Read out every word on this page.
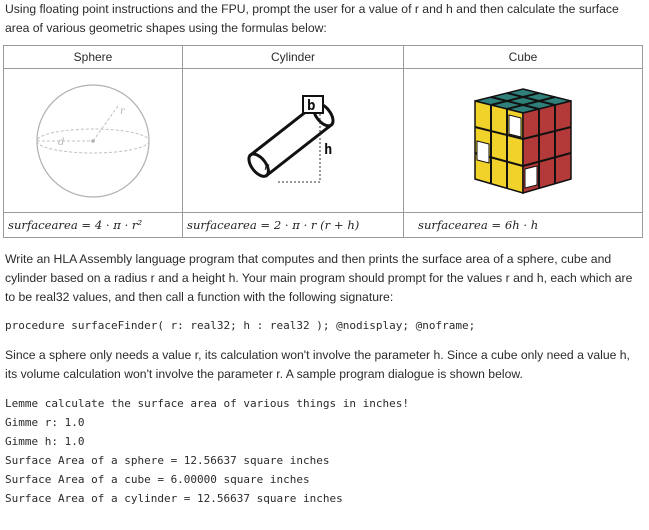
Using floating point instructions and the FPU, prompt the user for a value of r and h and then calculate the surface area of various geometric shapes using the formulas below:

Sphere	Cylinder	Cube

r
d	b
h
r

surfacearea = 4 · π · r²	surfacearea = 2 · π · r (r + h)	surfacearea = 6h · h

Write an HLA Assembly language program that computes and then prints the surface area of a sphere, cube and cylinder based on a radius r and a height h. Your main program should prompt for the values r and h, each which are to be real32 values, and then call a function with the following signature:

procedure surfaceFinder( r: real32; h : real32 ); @nodisplay; @noframe;

Since a sphere only needs a value r, its calculation won't involve the parameter h. Since a cube only need a value h, its volume calculation won't involve the parameter r. A sample program dialogue is shown below.

Lemme calculate the surface area of various things in inches!
Gimme r: 1.0
Gimme h: 1.0
Surface Area of a sphere = 12.56637 square inches
Surface Area of a cube = 6.00000 square inches
Surface Area of a cylinder = 12.56637 square inches
